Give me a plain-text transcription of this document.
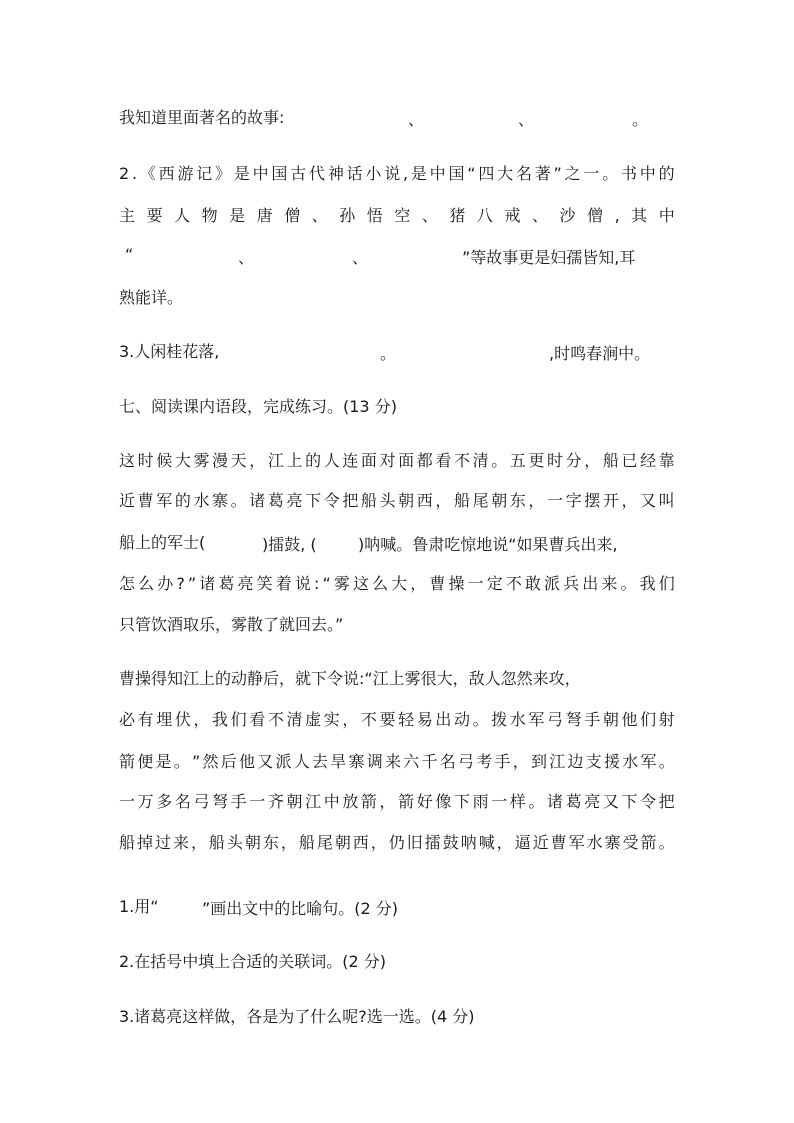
我知道里面著名的故事:	、	、	。
2 . 《 西 游 记 》 是 中 国 古 代 神 话 小 说 , 是 中 国 “ 四 大 名 著 ” 之 一 。 书 中 的
主 要 人 物 是 唐 僧 、 孙 悟 空 、 猪 八 戒 、 沙 僧 , 其 中
“	、	、	”等故事更是妇孺皆知,耳
熟能详。
3.人闲桂花落,	。	,时鸣春涧中。
七、阅读课内语段，完成练习。(13 分)
这 时 候 大 雾 漫 天 ， 江 上 的 人 连 面 对 面 都 看 不 清 。 五 更 时 分 ， 船 已 经 靠
近 曹 军 的 水 寨 。 诸 葛 亮 下 令 把 船 头 朝 西 ， 船 尾 朝 东 ， 一 字 摆 开 ， 又 叫
船上的军士(	)擂鼓, (	)呐喊。鲁肃吃惊地说“如果曹兵出来,
怎 么 办 ? ” 诸 葛 亮 笑 着 说 : “ 雾 这 么 大 ， 曹 操 一 定 不 敢 派 兵 出 来 。 我 们
只管饮酒取乐，雾散了就回去。”
曹操得知江上的动静后，就下令说:“江上雾很大，敌人忽然来攻，
必 有 埋 伏 ， 我 们 看 不 清 虚 实 ， 不 要 轻 易 出 动 。 拨 水 军 弓 弩 手 朝 他 们 射
箭 便 是 。 ” 然 后 他 又 派 人 去 旱 寨 调 来 六 千 名 弓 考 手 ， 到 江 边 支 援 水 军 。
一 万 多 名 弓 弩 手 一 齐 朝 江 中 放 箭 ， 箭 好 像 下 雨 一 样 。 诸 葛 亮 又 下 令 把
船 掉 过 来 ， 船 头 朝 东 ， 船 尾 朝 西 ， 仍 旧 擂 鼓 呐 喊 ， 逼 近 曹 军 水 寨 受 箭 。
1.用“	”画出文中的比喻句。(2 分)
2.在括号中填上合适的关联词。(2 分)
3.诸葛亮这样做，各是为了什么呢?选一选。(4 分)
